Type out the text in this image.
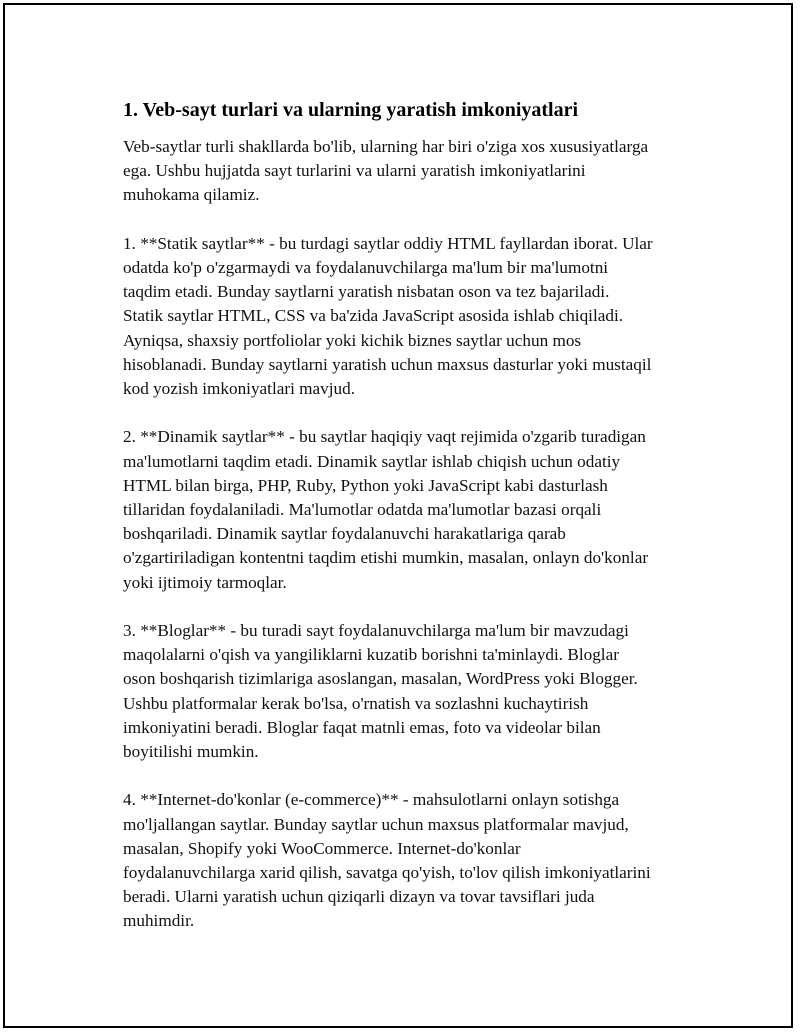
1. Veb-sayt turlari va ularning yaratish imkoniyatlari
Veb-saytlar turli shakllarda bo'lib, ularning har biri o'ziga xos xususiyatlarga
ega. Ushbu hujjatda sayt turlarini va ularni yaratish imkoniyatlarini
muhokama qilamiz.
1. **Statik saytlar** - bu turdagi saytlar oddiy HTML fayllardan iborat. Ular
odatda ko'p o'zgarmaydi va foydalanuvchilarga ma'lum bir ma'lumotni
taqdim etadi. Bunday saytlarni yaratish nisbatan oson va tez bajariladi.
Statik saytlar HTML, CSS va ba'zida JavaScript asosida ishlab chiqiladi.
Ayniqsa, shaxsiy portfoliolar yoki kichik biznes saytlar uchun mos
hisoblanadi. Bunday saytlarni yaratish uchun maxsus dasturlar yoki mustaqil
kod yozish imkoniyatlari mavjud.
2. **Dinamik saytlar** - bu saytlar haqiqiy vaqt rejimida o'zgarib turadigan
ma'lumotlarni taqdim etadi. Dinamik saytlar ishlab chiqish uchun odatiy
HTML bilan birga, PHP, Ruby, Python yoki JavaScript kabi dasturlash
tillaridan foydalaniladi. Ma'lumotlar odatda ma'lumotlar bazasi orqali
boshqariladi. Dinamik saytlar foydalanuvchi harakatlariga qarab
o'zgartiriladigan kontentni taqdim etishi mumkin, masalan, onlayn do'konlar
yoki ijtimoiy tarmoqlar.
3. **Bloglar** - bu turadi sayt foydalanuvchilarga ma'lum bir mavzudagi
maqolalarni o'qish va yangiliklarni kuzatib borishni ta'minlaydi. Bloglar
oson boshqarish tizimlariga asoslangan, masalan, WordPress yoki Blogger.
Ushbu platformalar kerak bo'lsa, o'rnatish va sozlashni kuchaytirish
imkoniyatini beradi. Bloglar faqat matnli emas, foto va videolar bilan
boyitilishi mumkin.
4. **Internet-do'konlar (e-commerce)** - mahsulotlarni onlayn sotishga
mo'ljallangan saytlar. Bunday saytlar uchun maxsus platformalar mavjud,
masalan, Shopify yoki WooCommerce. Internet-do'konlar
foydalanuvchilarga xarid qilish, savatga qo'yish, to'lov qilish imkoniyatlarini
beradi. Ularni yaratish uchun qiziqarli dizayn va tovar tavsiflari juda
muhimdir.
